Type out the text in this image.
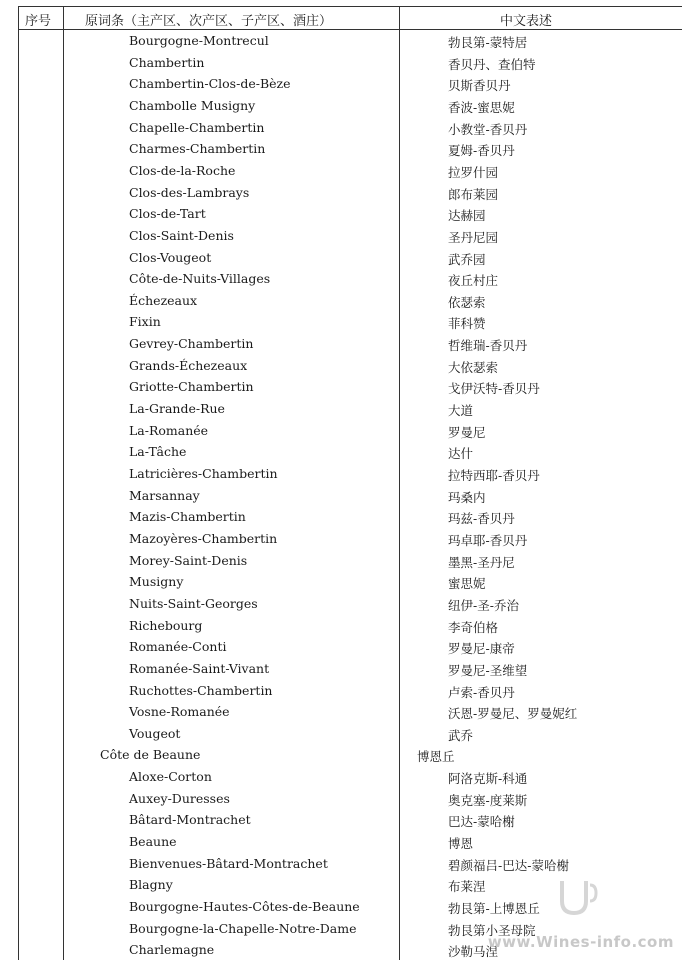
序号	原词条（主产区、次产区、子产区、酒庄）	中文表述
Bourgogne-Montrecul	勃艮第-蒙特居
Chambertin	香贝丹、查伯特
Chambertin-Clos-de-Bèze	贝斯香贝丹
Chambolle Musigny	香波-蜜思妮
Chapelle-Chambertin	小教堂-香贝丹
Charmes-Chambertin	夏姆-香贝丹
Clos-de-la-Roche	拉罗什园
Clos-des-Lambrays	郎布莱园
Clos-de-Tart	达赫园
Clos-Saint-Denis	圣丹尼园
Clos-Vougeot	武乔园
Côte-de-Nuits-Villages	夜丘村庄
Échezeaux	依瑟索
Fixin	菲科赞
Gevrey-Chambertin	哲维瑞-香贝丹
Grands-Échezeaux	大依瑟索
Griotte-Chambertin	戈伊沃特-香贝丹
La-Grande-Rue	大道
La-Romanée	罗曼尼
La-Tâche	达什
Latricières-Chambertin	拉特西耶-香贝丹
Marsannay	玛桑内
Mazis-Chambertin	玛兹-香贝丹
Mazoyères-Chambertin	玛卓耶-香贝丹
Morey-Saint-Denis	墨黑-圣丹尼
Musigny	蜜思妮
Nuits-Saint-Georges	纽伊-圣-乔治
Richebourg	李奇伯格
Romanée-Conti	罗曼尼-康帝
Romanée-Saint-Vivant	罗曼尼-圣维望
Ruchottes-Chambertin	卢索-香贝丹
Vosne-Romanée	沃恩-罗曼尼、罗曼妮红
Vougeot	武乔
Côte de Beaune	博恩丘
Aloxe-Corton	阿洛克斯-科通
Auxey-Duresses	奥克塞-度莱斯
Bâtard-Montrachet	巴达-蒙哈榭
Beaune	博恩
Bienvenues-Bâtard-Montrachet	碧颜福吕-巴达-蒙哈榭
Blagny	布莱涅
Bourgogne-Hautes-Côtes-de-Beaune	勃艮第-上博恩丘
Bourgogne-la-Chapelle-Notre-Dame	勃艮第小圣母院
Charlemagne	沙勒马涅
www.Wines-info.com
